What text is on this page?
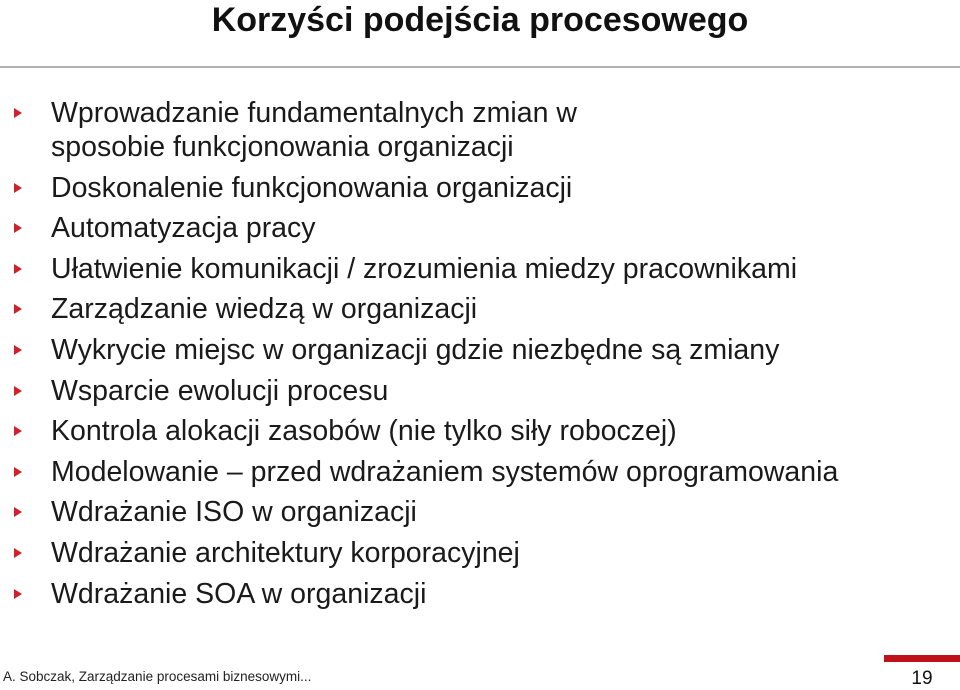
Korzyści podejścia procesowego
Wprowadzanie fundamentalnych zmian w sposobie funkcjonowania organizacji
Doskonalenie funkcjonowania organizacji
Automatyzacja pracy
Ułatwienie komunikacji / zrozumienia miedzy pracownikami
Zarządzanie wiedzą w organizacji
Wykrycie miejsc w organizacji gdzie niezbędne są zmiany
Wsparcie ewolucji procesu
Kontrola alokacji zasobów (nie tylko siły roboczej)
Modelowanie – przed wdrażaniem systemów oprogramowania
Wdrażanie ISO w organizacji
Wdrażanie architektury korporacyjnej
Wdrażanie SOA w organizacji
A. Sobczak, Zarządzanie procesami biznesowymi...	19
